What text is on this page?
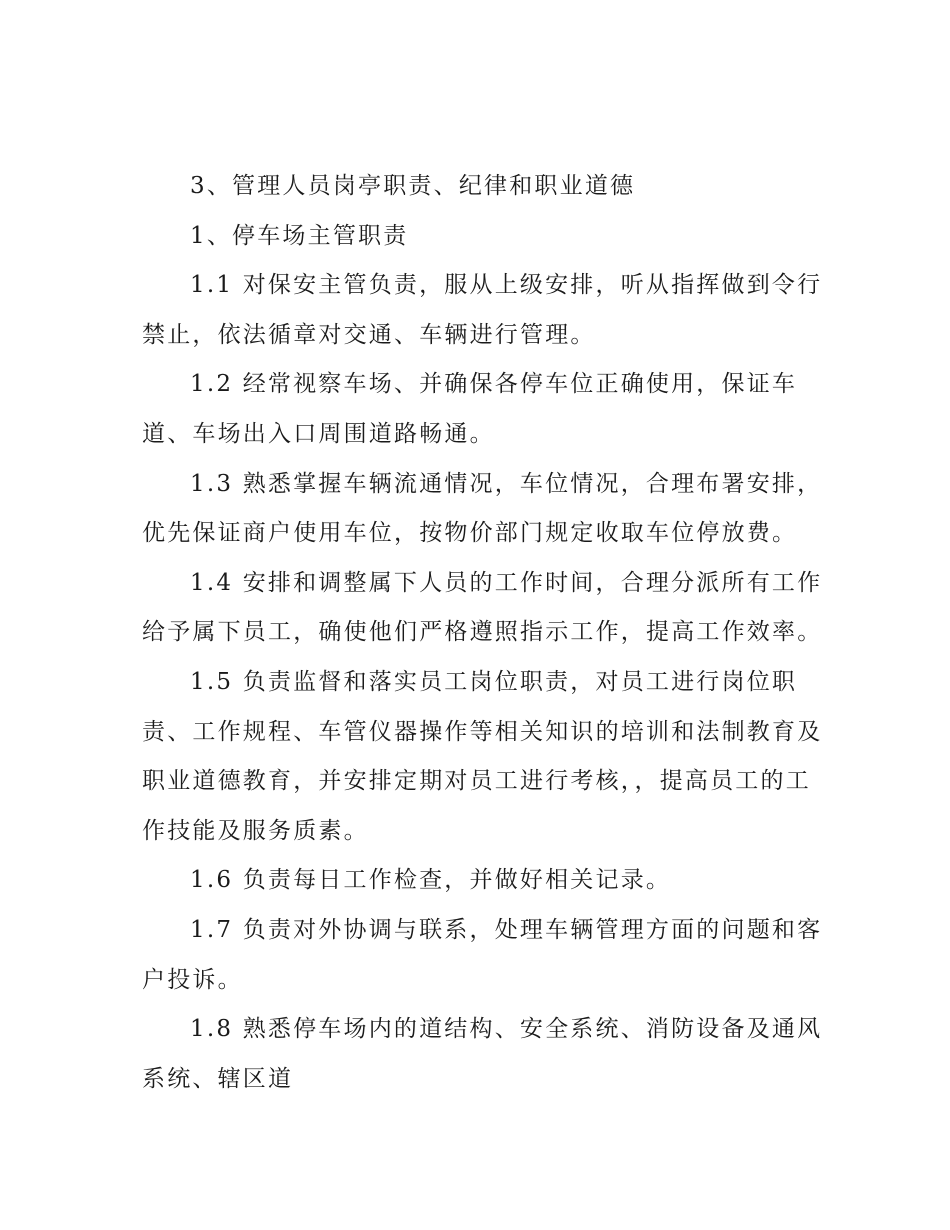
3、管理人员岗亭职责、纪律和职业道德

1、停车场主管职责

1.1 对保安主管负责，服从上级安排，听从指挥做到令行禁止，依法循章对交通、车辆进行管理。

1.2 经常视察车场、并确保各停车位正确使用，保证车道、车场出入口周围道路畅通。

1.3 熟悉掌握车辆流通情况，车位情况，合理布署安排，优先保证商户使用车位，按物价部门规定收取车位停放费。

1.4 安排和调整属下人员的工作时间，合理分派所有工作给予属下员工，确使他们严格遵照指示工作，提高工作效率。

1.5 负责监督和落实员工岗位职责，对员工进行岗位职责、工作规程、车管仪器操作等相关知识的培训和法制教育及职业道德教育，并安排定期对员工进行考核，，提高员工的工作技能及服务质素。

1.6 负责每日工作检查，并做好相关记录。

1.7 负责对外协调与联系，处理车辆管理方面的问题和客户投诉。

1.8 熟悉停车场内的道结构、安全系统、消防设备及通风系统、辖区道
